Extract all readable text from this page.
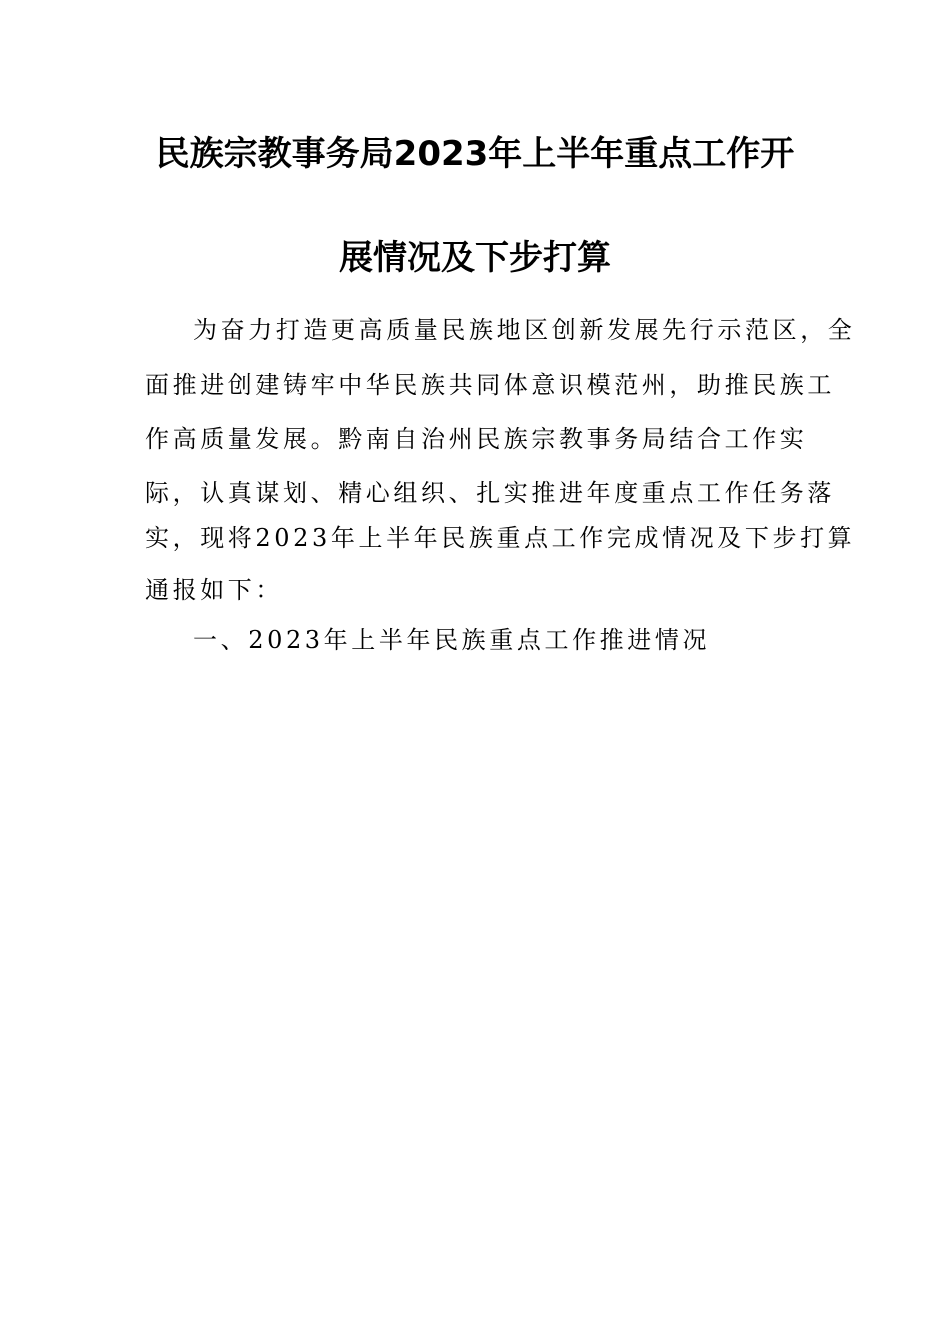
民族宗教事务局2023年上半年重点工作开
展情况及下步打算
为奋力打造更高质量民族地区创新发展先行示范区，全
面推进创建铸牢中华民族共同体意识模范州，助推民族工
作高质量发展。黔南自治州民族宗教事务局结合工作实
际，认真谋划、精心组织、扎实推进年度重点工作任务落
实，现将2023年上半年民族重点工作完成情况及下步打算
通报如下：
一、2023年上半年民族重点工作推进情况
